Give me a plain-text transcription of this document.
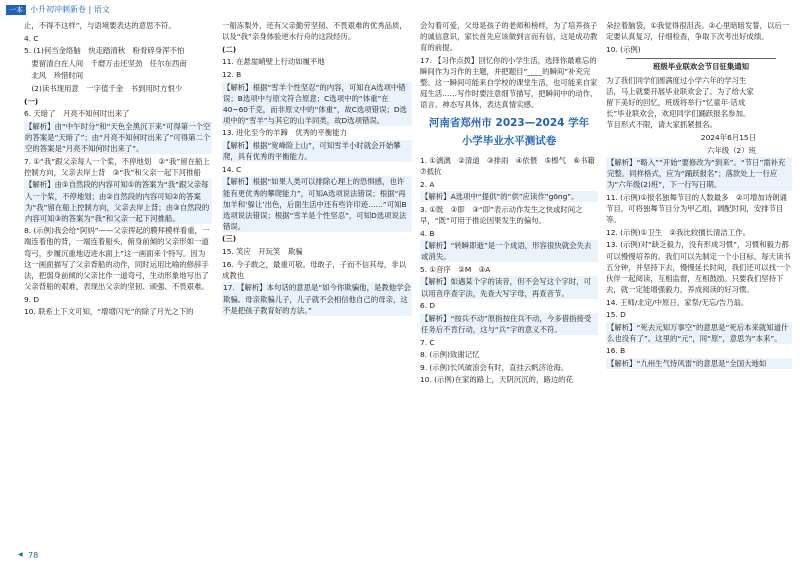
一本 小升初冲刺新卷 | 语文

止，不得不这样”，与语境要表达的意思不符。

4. C

5. (1)何当金络脑　快走踏清秋　粉骨碎身浑不怕

　要留清白在人间　千磨万击还坚劲　任尔东西南

　北风　珍惜时间

　(2)读书现用意　一字值千金　书到用时方恨少

(一)

6. 天暗了　月亮不知何时出来了

【解析】由“中午时分”和“天色全黑沉下来”可得第一个空的答案是“天暗了”；由“月亮不知何时出来了”可得第二个空的答案是“月亮不知何时出来了”。

7. ①“我”跟父亲每人一个桨，不停地划　②“我”留在船上控制方向，父亲去岸上背　③“我”和父亲一起下河推船

【解析】由①自然段的内容可知①的答案为“我”跟父亲每人一个桨，不停地划；由②自然段的内容可知②的答案为“我”留在船上控制方向，父亲去岸上背；由③自然段的内容可知③的答案为“我”和父亲一起下河推船。

8. (示例)我会给“阿妈”——父亲挥起的膜拜模样看重，一端连着他的背，一端连着船头，俯身前倾的父亲形如一道弯弓，步履沉重地迈进水面上”这一画面来个特写。因为这一画面描写了父亲背船的动作，同时运用比喻的修辞手法，把弱身前倾的父亲比作一道弯弓，生动形象地写出了父亲背船的艰难，表现出父亲的坚韧、顽强、不畏艰难。

9. D

10. 联系上下文可知，“增增闪光”的除了月光之下的

一船冻梨外，还有父亲勤劳坚韧、不畏艰难的优秀品质，以及“我”亲身体验逆水行舟的这段经历。

(二)

11. 在悬崖峭壁上行动如履平地

12. B

【解析】根据“雪羊个性坚忍”的内容，可知在A选项中错误；B选项中与原文符合原意；C选项中的“体重”在40~60千克，而非原文中的“体重”，故C选项错误；D选项中的“雪羊”与其它的山羊同类，故D选项错误。

13. 进化至今的羊蹄　优秀的平衡能力

【解析】根据“宽峰险上山”，可知雪羊小时就会开始攀爬，具有优秀的平衡能力。

14. C

【解析】根据“如果人类可以排除心理上的恐惧感，也许能有更优秀的攀爬能力”，可知A选项说法错误；根据“再加羊和‘躲让’出色，后面生活中还有些许印迹……”可知B选项说法错误；根据“雪羊是个性坚忍”，可知D选项说法错误。

(三)

15. 笑应　开玩笑　欺骗

16. 今子敢之，最重可敬。母敢子，子而不信其母，非以成教也

17. 【解析】本句话的意思是“如今你欺骗他，是教他学会欺骗。母亲欺骗儿子，儿子就不会相信他自己的母亲，这不是把孩子教育好的方法。”

会勾着可爱，父母是孩子的老师和榜样，为了培养孩子的诚信意识，家长首先应该做到言而有信，这是成功教育的前提。

17. 【习作点拨】回忆你的小学生活，选择你最难忘的瞬间作为习作的主题，并把题目“____的瞬间”补充完整。这一瞬间可能来自学校的课堂生活，也可能来自家庭生活……写作时要注意细节描写，把瞬间中的动作、语言、神态写具体，表达真情实感。

河南省郑州市 2023—2024 学年
小学毕业水平测试卷

1. ①漓漓　②清道　③排雨　④依偎　⑤檫气　⑥书籍　⑦抵抗

2. A

【解析】A选项中“提供”的“供”应读作“gōng”。

3. ①既　②即　③“即”表示动作发生之快或时间之早，“既”可用于推论因果发生的偏句。

4. B

【解析】“转瞬即逝”是一个成语，形容很快就会失去或消失。

5. ①音序　②M　③A

【解析】如遇某个字的读音，但不会写这个字时，可以用音序查字法，先查大写字母，再查音节。

6. D

【解析】“按兵不动”原指按住兵不动，今多借指接受任务后不肯行动，这与“兵”字的意义不符。

7. C

8. (示例)致谢记忆

9. (示例)长风破浪会有时，直挂云帆济沧海。

10. (示例)在家的路上，天阴沉沉的，路边的花

朵拉着脑袋，①我觉得很沮丧。②心里暗暗发誓，以后一定要认真复习，仔细检查，争取下次考出好成绩。

10. (示例)

班级毕业联欢会节目征集通知

为了我们同学们圆满度过小学六年的学习生活，马上就要开展毕业联欢会了。为了给大家留下美好的回忆，班级将举行“忆童年·话成长”毕业联欢会，欢迎同学们踊跃报名参加。节目形式不限，请大家抓紧报名。

2024年6月15日

六年级（2）班

【解析】“略入”“开始”要修改为“到来”。“节日”需补充完整。同样格式，应为“踊跃报名”；落款处上一行应为“六年级(2)班”，下一行写日期。

11. (示例)①报名独舞节目的人数最多　②可增加诗朗诵节目，可将独舞节目分为甲乙组，调配时间，安排节目等。

12. (示例)①卫生　②我比较擅长清洁工作。

13. (示例)对“缺乏毅力，没有形成习惯”，习惯和毅力都可以慢慢培养的。我们可以先制定一个小目标，每天读书五分钟，并坚持下去，慢慢延长时间，我们还可以找一个伙伴一起阅读，互相监督，互相鼓励。只要我们坚持下去，就一定能增强毅力，养成阅读的好习惯。

14. 王师/北定/中原日，家祭/无忘/告乃翁。

15. D

【解析】“死去元知万事空”的意思是“死后本来就知道什么也没有了”。这里的“元”，同“原”，意思为“本来”。

16. B

【解析】“九州生气恃风雷”的意思是“全国大地如

◀ 78
